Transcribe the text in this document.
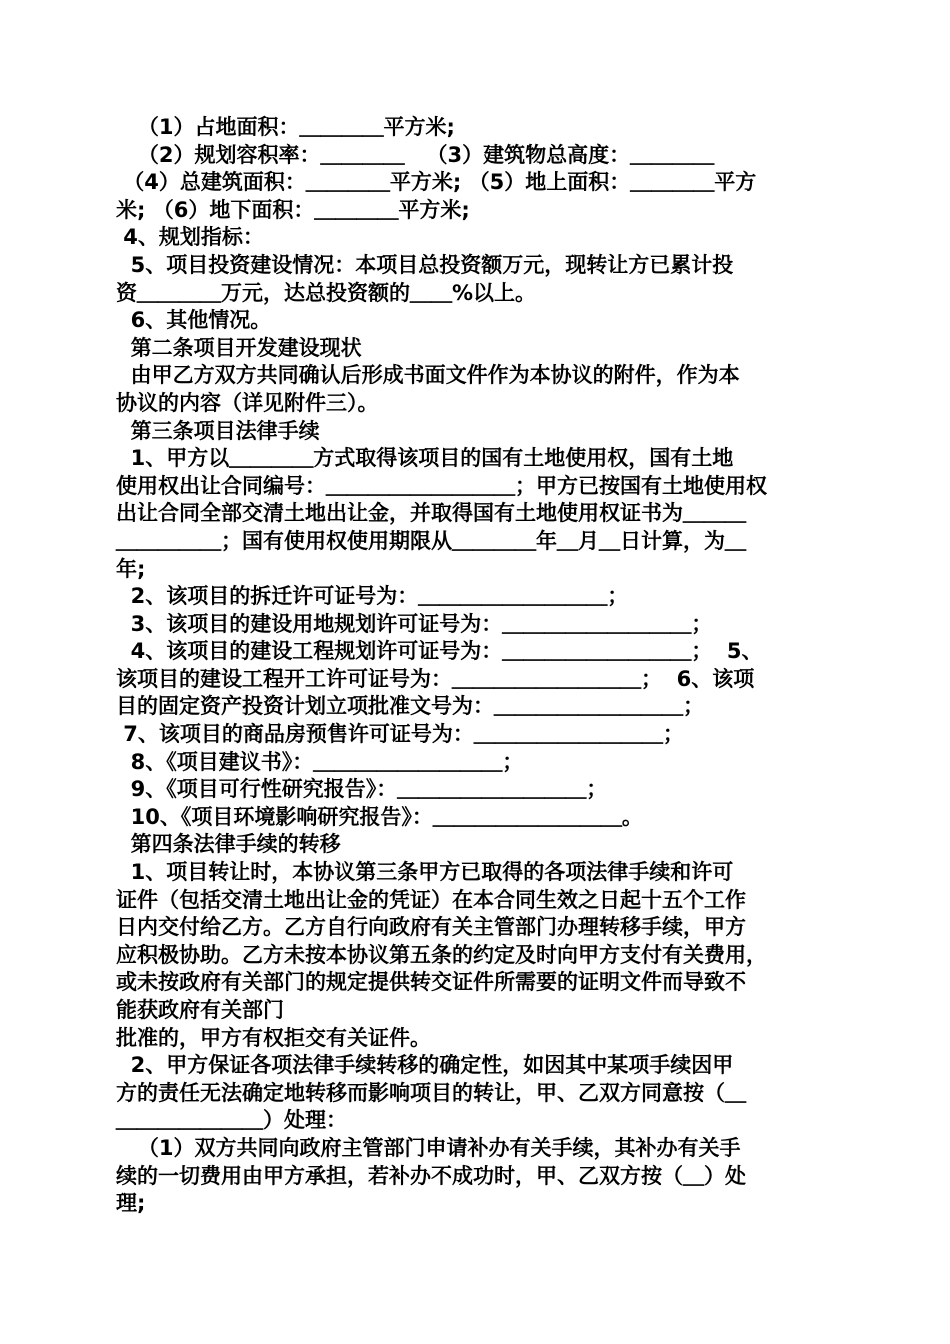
（1）占地面积：＿＿＿＿平方米;
（2）规划容积率：＿＿＿＿   （3）建筑物总高度：＿＿＿＿
（4）总建筑面积：＿＿＿＿平方米; （5）地上面积：＿＿＿＿平方
米; （6）地下面积：＿＿＿＿平方米;
4、规划指标：
5、项目投资建设情况：本项目总投资额万元，现转让方已累计投
资＿＿＿＿万元，达总投资额的＿＿%以上。
6、其他情况。
第二条项目开发建设现状
由甲乙方双方共同确认后形成书面文件作为本协议的附件，作为本
协议的内容（详见附件三）。
第三条项目法律手续
1、甲方以＿＿＿＿方式取得该项目的国有土地使用权，国有土地
使用权出让合同编号：＿＿＿＿＿＿＿＿＿；甲方已按国有土地使用权
出让合同全部交清土地出让金，并取得国有土地使用权证书为＿＿＿
＿＿＿＿＿；国有使用权使用期限从＿＿＿＿年＿月＿日计算，为＿
年;
2、该项目的拆迁许可证号为：＿＿＿＿＿＿＿＿＿；
3、该项目的建设用地规划许可证号为：＿＿＿＿＿＿＿＿＿；
4、该项目的建设工程规划许可证号为：＿＿＿＿＿＿＿＿＿；  5、
该项目的建设工程开工许可证号为：＿＿＿＿＿＿＿＿＿；  6、该项
目的固定资产投资计划立项批准文号为：＿＿＿＿＿＿＿＿＿；
7、该项目的商品房预售许可证号为：＿＿＿＿＿＿＿＿＿；
8、《项目建议书》：＿＿＿＿＿＿＿＿＿；
9、《项目可行性研究报告》：＿＿＿＿＿＿＿＿＿；
10、《项目环境影响研究报告》：＿＿＿＿＿＿＿＿＿。
第四条法律手续的转移
1、项目转让时，本协议第三条甲方已取得的各项法律手续和许可
证件（包括交清土地出让金的凭证）在本合同生效之日起十五个工作
日内交付给乙方。乙方自行向政府有关主管部门办理转移手续，甲方
应积极协助。乙方未按本协议第五条的约定及时向甲方支付有关费用，
或未按政府有关部门的规定提供转交证件所需要的证明文件而导致不
能获政府有关部门
批准的，甲方有权拒交有关证件。
2、甲方保证各项法律手续转移的确定性，如因其中某项手续因甲
方的责任无法确定地转移而影响项目的转让，甲、乙双方同意按（＿
＿＿＿＿＿＿＿）处理：
（1）双方共同向政府主管部门申请补办有关手续，其补办有关手
续的一切费用由甲方承担，若补办不成功时，甲、乙双方按（＿）处
理;
